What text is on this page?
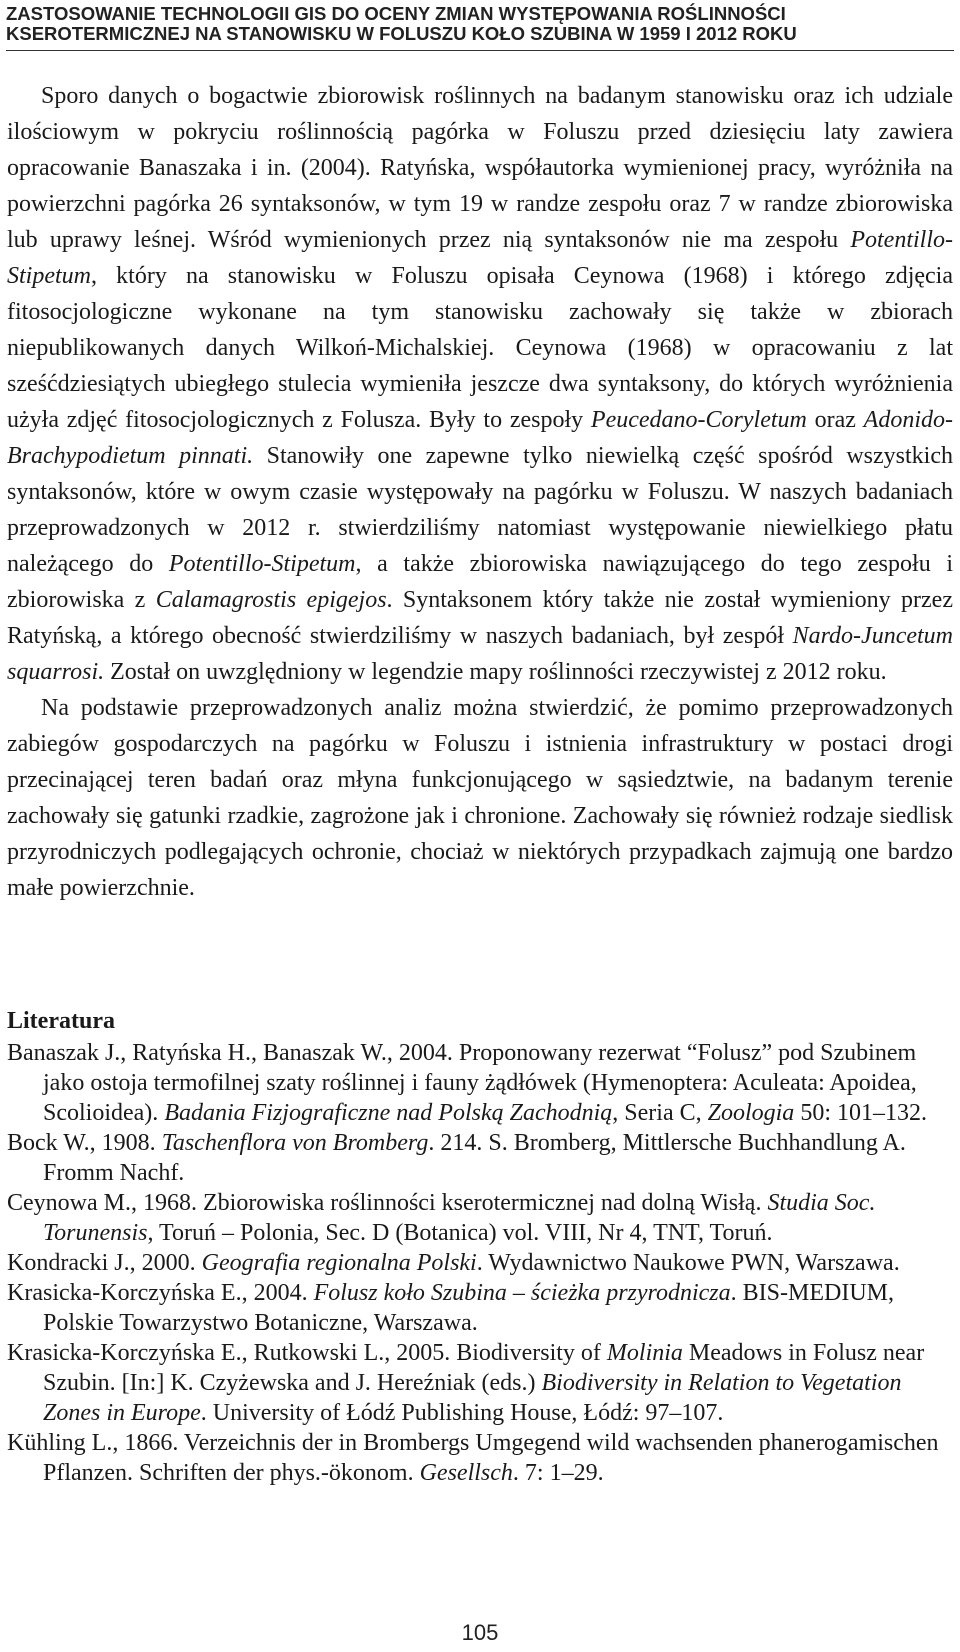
ZASTOSOWANIE TECHNOLOGII GIS DO OCENY ZMIAN WYSTĘPOWANIA ROŚLINNOŚCI
KSEROTERMICZNEJ NA STANOWISKU W FOLUSZU KOŁO SZUBINA W 1959 I 2012 ROKU

Sporo danych o bogactwie zbiorowisk roślinnych na badanym stanowisku oraz ich udziale ilościowym w pokryciu roślinnością pagórka w Foluszu przed dziesięciu laty zawiera opracowanie Banaszaka i in. (2004). Ratyńska, współautorka wymienionej pracy, wyróżniła na powierzchni pagórka 26 syntaksonów, w tym 19 w randze zespołu oraz 7 w randze zbiorowiska lub uprawy leśnej. Wśród wymienionych przez nią syntaksonów nie ma zespołu Potentillo-Stipetum, który na stanowisku w Foluszu opisała Ceynowa (1968) i którego zdjęcia fitosocjologiczne wykonane na tym stanowisku zachowały się także w zbiorach niepublikowanych danych Wilkoń-Michalskiej. Ceynowa (1968) w opracowaniu z lat sześćdziesiątych ubiegłego stulecia wymieniła jeszcze dwa syntaksony, do których wyróżnienia użyła zdjęć fitosocjologicznych z Folusza. Były to zespoły Peucedano-Coryletum oraz Adonido-Brachypodietum pinnati. Stanowiły one zapewne tylko niewielką część spośród wszystkich syntaksonów, które w owym czasie występowały na pagórku w Foluszu. W naszych badaniach przeprowadzonych w 2012 r. stwierdziliśmy natomiast występowanie niewielkiego płatu należącego do Potentillo-Stipetum, a także zbiorowiska nawiązującego do tego zespołu i zbiorowiska z Calamagrostis epigejos. Syntaksonem który także nie został wymieniony przez Ratyńską, a którego obecność stwierdziliśmy w naszych badaniach, był zespół Nardo-Juncetum squarrosi. Został on uwzględniony w legendzie mapy roślinności rzeczywistej z 2012 roku.

Na podstawie przeprowadzonych analiz można stwierdzić, że pomimo przeprowadzonych zabiegów gospodarczych na pagórku w Foluszu i istnienia infrastruktury w postaci drogi przecinającej teren badań oraz młyna funkcjonującego w sąsiedztwie, na badanym terenie zachowały się gatunki rzadkie, zagrożone jak i chronione. Zachowały się również rodzaje siedlisk przyrodniczych podlegających ochronie, chociaż w niektórych przypadkach zajmują one bardzo małe powierzchnie.

Literatura

Banaszak J., Ratyńska H., Banaszak W., 2004. Proponowany rezerwat “Folusz” pod Szubinem jako ostoja termofilnej szaty roślinnej i fauny żądłówek (Hymenoptera: Aculeata: Apoidea, Scolioidea). Badania Fizjograficzne nad Polską Zachodnią, Seria C, Zoologia 50: 101–132.

Bock W., 1908. Taschenflora von Bromberg. 214. S. Bromberg, Mittlersche Buchhandlung A. Fromm Nachf.

Ceynowa M., 1968. Zbiorowiska roślinności kserotermicznej nad dolną Wisłą. Studia Soc. Torunensis, Toruń – Polonia, Sec. D (Botanica) vol. VIII, Nr 4, TNT, Toruń.

Kondracki J., 2000. Geografia regionalna Polski. Wydawnictwo Naukowe PWN, Warszawa.

Krasicka-Korczyńska E., 2004. Folusz koło Szubina – ścieżka przyrodnicza. BIS-MEDIUM, Polskie Towarzystwo Botaniczne, Warszawa.

Krasicka-Korczyńska E., Rutkowski L., 2005. Biodiversity of Molinia Meadows in Folusz near Szubin. [In:] K. Czyżewska and J. Hereźniak (eds.) Biodiversity in Relation to Vegetation Zones in Europe. University of Łódź Publishing House, Łódź: 97–107.

Kühling L., 1866. Verzeichnis der in Brombergs Umgegend wild wachsenden phanerogamischen Pflanzen. Schriften der phys.-ökonom. Gesellsch. 7: 1–29.

105
